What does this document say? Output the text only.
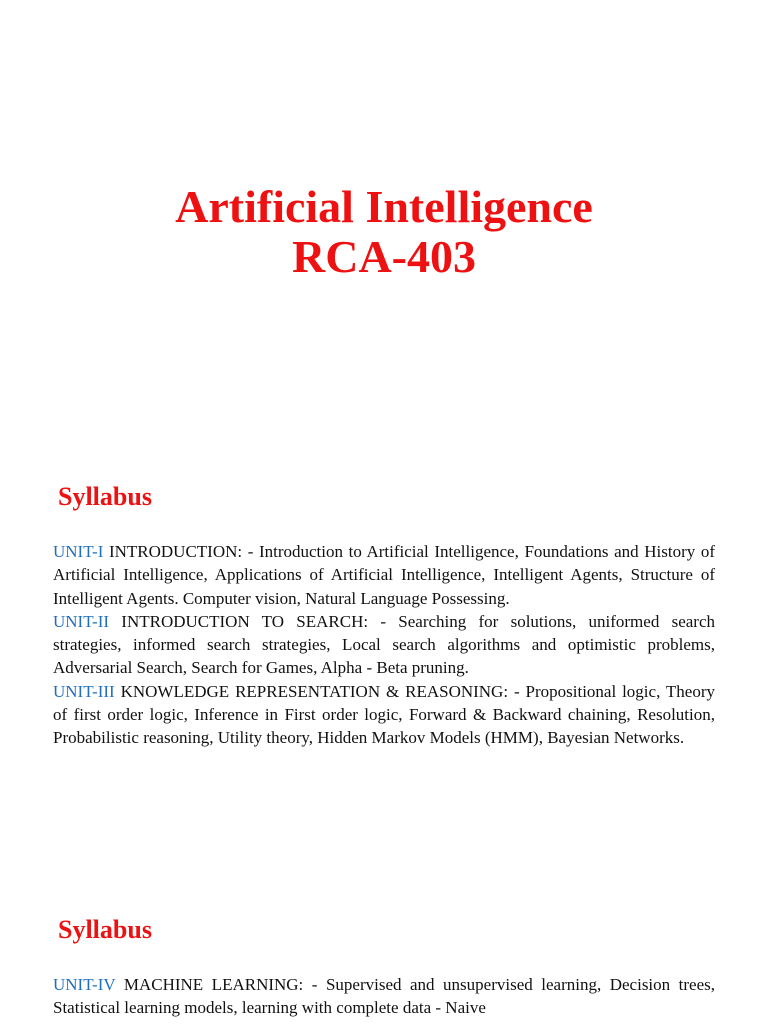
Artificial Intelligence
RCA-403
Syllabus

UNIT-I INTRODUCTION: - Introduction to Artificial Intelligence, Foundations and History of Artificial Intelligence, Applications of Artificial Intelligence, Intelligent Agents, Structure of Intelligent Agents. Computer vision, Natural Language Possessing.

UNIT-II INTRODUCTION TO SEARCH: - Searching for solutions, uniformed search strategies, informed search strategies, Local search algorithms and optimistic problems, Adversarial Search, Search for Games, Alpha - Beta pruning.

UNIT-III KNOWLEDGE REPRESENTATION & REASONING: - Propositional logic, Theory of first order logic, Inference in First order logic, Forward & Backward chaining, Resolution, Probabilistic reasoning, Utility theory, Hidden Markov Models (HMM), Bayesian Networks.

Syllabus

UNIT-IV MACHINE LEARNING: - Supervised and unsupervised learning, Decision trees, Statistical learning models, learning with complete data - Naive
